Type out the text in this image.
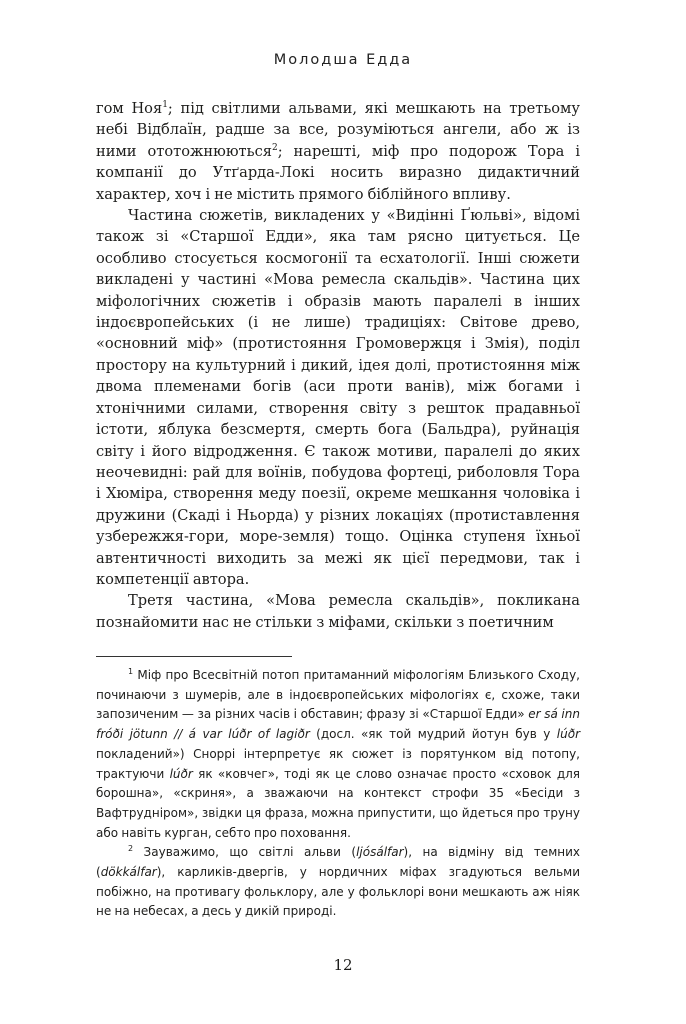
Молодша Едда

гом Ноя$^1$; під світлими альвами, які мешкають на третьому небі Відблаїн, радше за все, розуміються ангели, або ж із ними ототожнюються$^2$; нарешті, міф про подорож Тора і компанії до Утґарда-Локі носить виразно дидактичний характер, хоч і не містить прямого біблійного впливу.

Частина сюжетів, викладених у «Видінні Ґюльві», відомі також зі «Старшої Едди», яка там рясно цитується. Це особливо стосується космогонії та есхатології. Інші сюжети викладені у частині «Мова ремесла скальдів». Частина цих міфологічних сюжетів і образів мають паралелі в інших індоєвропейських (і не лише) традиціях: Світове древо, «основний міф» (протистояння Громовержця і Змія), поділ простору на культурний і дикий, ідея долі, протистояння між двома племенами богів (аси проти ванів), між богами і хтонічними силами, створення світу з решток прадавньої істоти, яблука безсмертя, смерть бога (Бальдра), руйнація світу і його відродження. Є також мотиви, паралелі до яких неочевидні: рай для воїнів, побудова фортеці, риболовля Тора і Хюміра, створення меду поезії, окреме мешкання чоловіка і дружини (Скаді і Ньорда) у різних локаціях (протиставлення узбережжя-гори, море-земля) тощо. Оцінка ступеня їхньої автентичності виходить за межі як цієї передмови, так і компетенції автора.

Третя частина, «Мова ремесла скальдів», покликана познайомити нас не стільки з міфами, скільки з поетичним

$^1$ Міф про Всесвітній потоп притаманний міфологіям Близького Сходу, починаючи з шумерів, але в індоєвропейських міфологіях є, схоже, таки запозиченим — за різних часів і обставин; фразу зі «Старшої Едди» er sá inn fróði jötunn // á var lúðr of lagiðr (досл. «як той мудрий йотун був у lúðr покладений») Сноррі інтерпретує як сюжет із порятунком від потопу, трактуючи lúðr як «ковчег», тоді як це слово означає просто «сховок для борошна», «скриня», а зважаючи на контекст строфи 35 «Бесіди з Вафтрудніром», звідки ця фраза, можна припустити, що йдеться про труну або навіть курган, себто про поховання.

$^2$ Зауважимо, що світлі альви (ljósálfar), на відміну від темних (dökkálfar), карликів-двергів, у нордичних міфах згадуються вельми побіжно, на противагу фольклору, але у фольклорі вони мешкають аж ніяк не на небесах, а десь у дикій природі.

12
